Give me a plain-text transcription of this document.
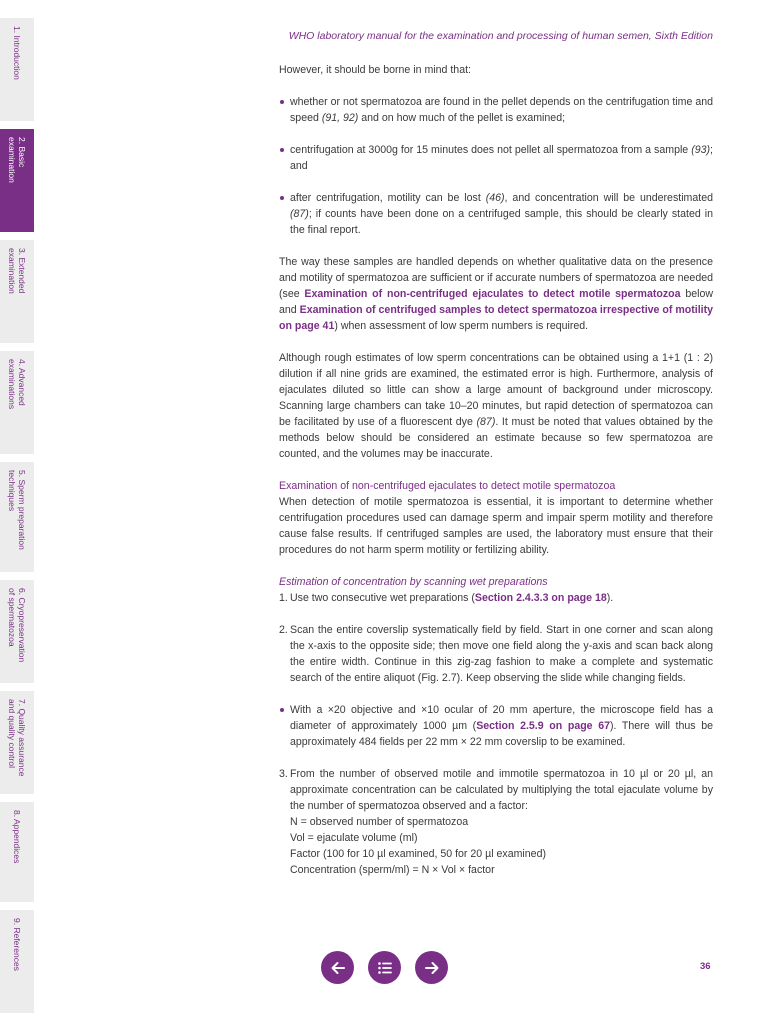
1. Introduction
2. Basic
examination
3. Extended
examination
4. Advanced
examinations
5. Sperm preparation
techniques
6. Cryopreservation
of spermatozoa
7. Quality assurance
and quality control
8. Appendices
9. References
WHO laboratory manual for the examination and processing of human semen, Sixth Edition

However, it should be borne in mind that:

whether or not spermatozoa are found in the pellet depends on the centrifugation time and speed (91, 92) and on how much of the pellet is examined;

centrifugation at 3000g for 15 minutes does not pellet all spermatozoa from a sample (93); and

after centrifugation, motility can be lost (46), and concentration will be underestimated (87); if counts have been done on a centrifuged sample, this should be clearly stated in the final report.

The way these samples are handled depends on whether qualitative data on the presence and motility of spermatozoa are sufficient or if accurate numbers of spermatozoa are needed (see Examination of non-centrifuged ejaculates to detect motile spermatozoa below and Examination of centrifuged samples to detect spermatozoa irrespective of motility on page 41) when assessment of low sperm numbers is required.

Although rough estimates of low sperm concentrations can be obtained using a 1+1 (1 : 2) dilution if all nine grids are examined, the estimated error is high. Furthermore, analysis of ejaculates diluted so little can show a large amount of background under microscopy. Scanning large chambers can take 10–20 minutes, but rapid detection of spermatozoa can be facilitated by use of a fluorescent dye (87). It must be noted that values obtained by the methods below should be considered an estimate because so few spermatozoa are counted, and the volumes may be inaccurate.

Examination of non-centrifuged ejaculates to detect motile spermatozoa

When detection of motile spermatozoa is essential, it is important to determine whether centrifugation procedures used can damage sperm and impair sperm motility and therefore cause false results. If centrifuged samples are used, the laboratory must ensure that their procedures do not harm sperm motility or fertilizing ability.

Estimation of concentration by scanning wet preparations

1. Use two consecutive wet preparations (Section 2.4.3.3 on page 18).

2. Scan the entire coverslip systematically field by field. Start in one corner and scan along the x-axis to the opposite side; then move one field along the y-axis and scan back along the entire width. Continue in this zig-zag fashion to make a complete and systematic search of the entire aliquot (Fig. 2.7). Keep observing the slide while changing fields.

With a ×20 objective and ×10 ocular of 20 mm aperture, the microscope field has a diameter of approximately 1000 µm (Section 2.5.9 on page 67). There will thus be approximately 484 fields per 22 mm × 22 mm coverslip to be examined.

3. From the number of observed motile and immotile spermatozoa in 10 µl or 20 µl, an approximate concentration can be calculated by multiplying the total ejaculate volume by the number of spermatozoa observed and a factor:

N = observed number of spermatozoa

Vol = ejaculate volume (ml)

Factor (100 for 10 µl examined, 50 for 20 µl examined)

Concentration (sperm/ml) = N × Vol × factor

36
